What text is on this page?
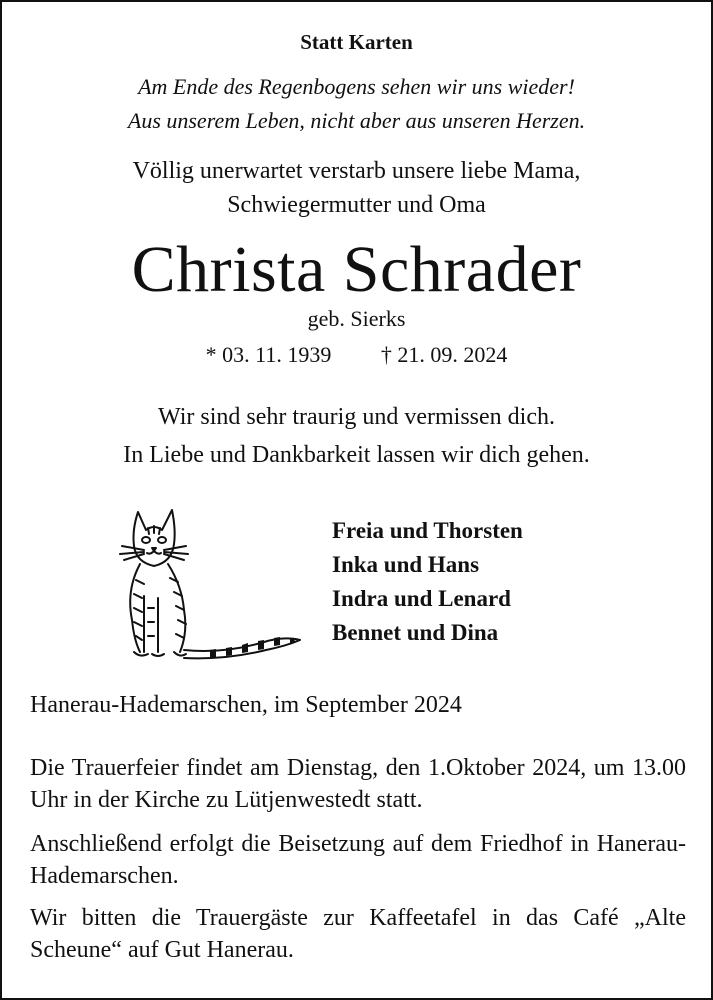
Statt Karten
Am Ende des Regenbogens sehen wir uns wieder!
Aus unserem Leben, nicht aber aus unseren Herzen.
Völlig unerwartet verstarb unsere liebe Mama,
Schwiegermutter und Oma
Christa Schrader
geb. Sierks
* 03. 11. 1939 † 21. 09. 2024
Wir sind sehr traurig und vermissen dich.
In Liebe und Dankbarkeit lassen wir dich gehen.
Freia und Thorsten
Inka und Hans
Indra und Lenard
Bennet und Dina
Hanerau-Hademarschen, im September 2024
Die Trauerfeier findet am Dienstag, den 1.Oktober 2024, um 13.00 Uhr in der Kirche zu Lütjenwestedt statt.
Anschließend erfolgt die Beisetzung auf dem Friedhof in Hanerau-Hademarschen.
Wir bitten die Trauergäste zur Kaffeetafel in das Café „Alte Scheune“ auf Gut Hanerau.
